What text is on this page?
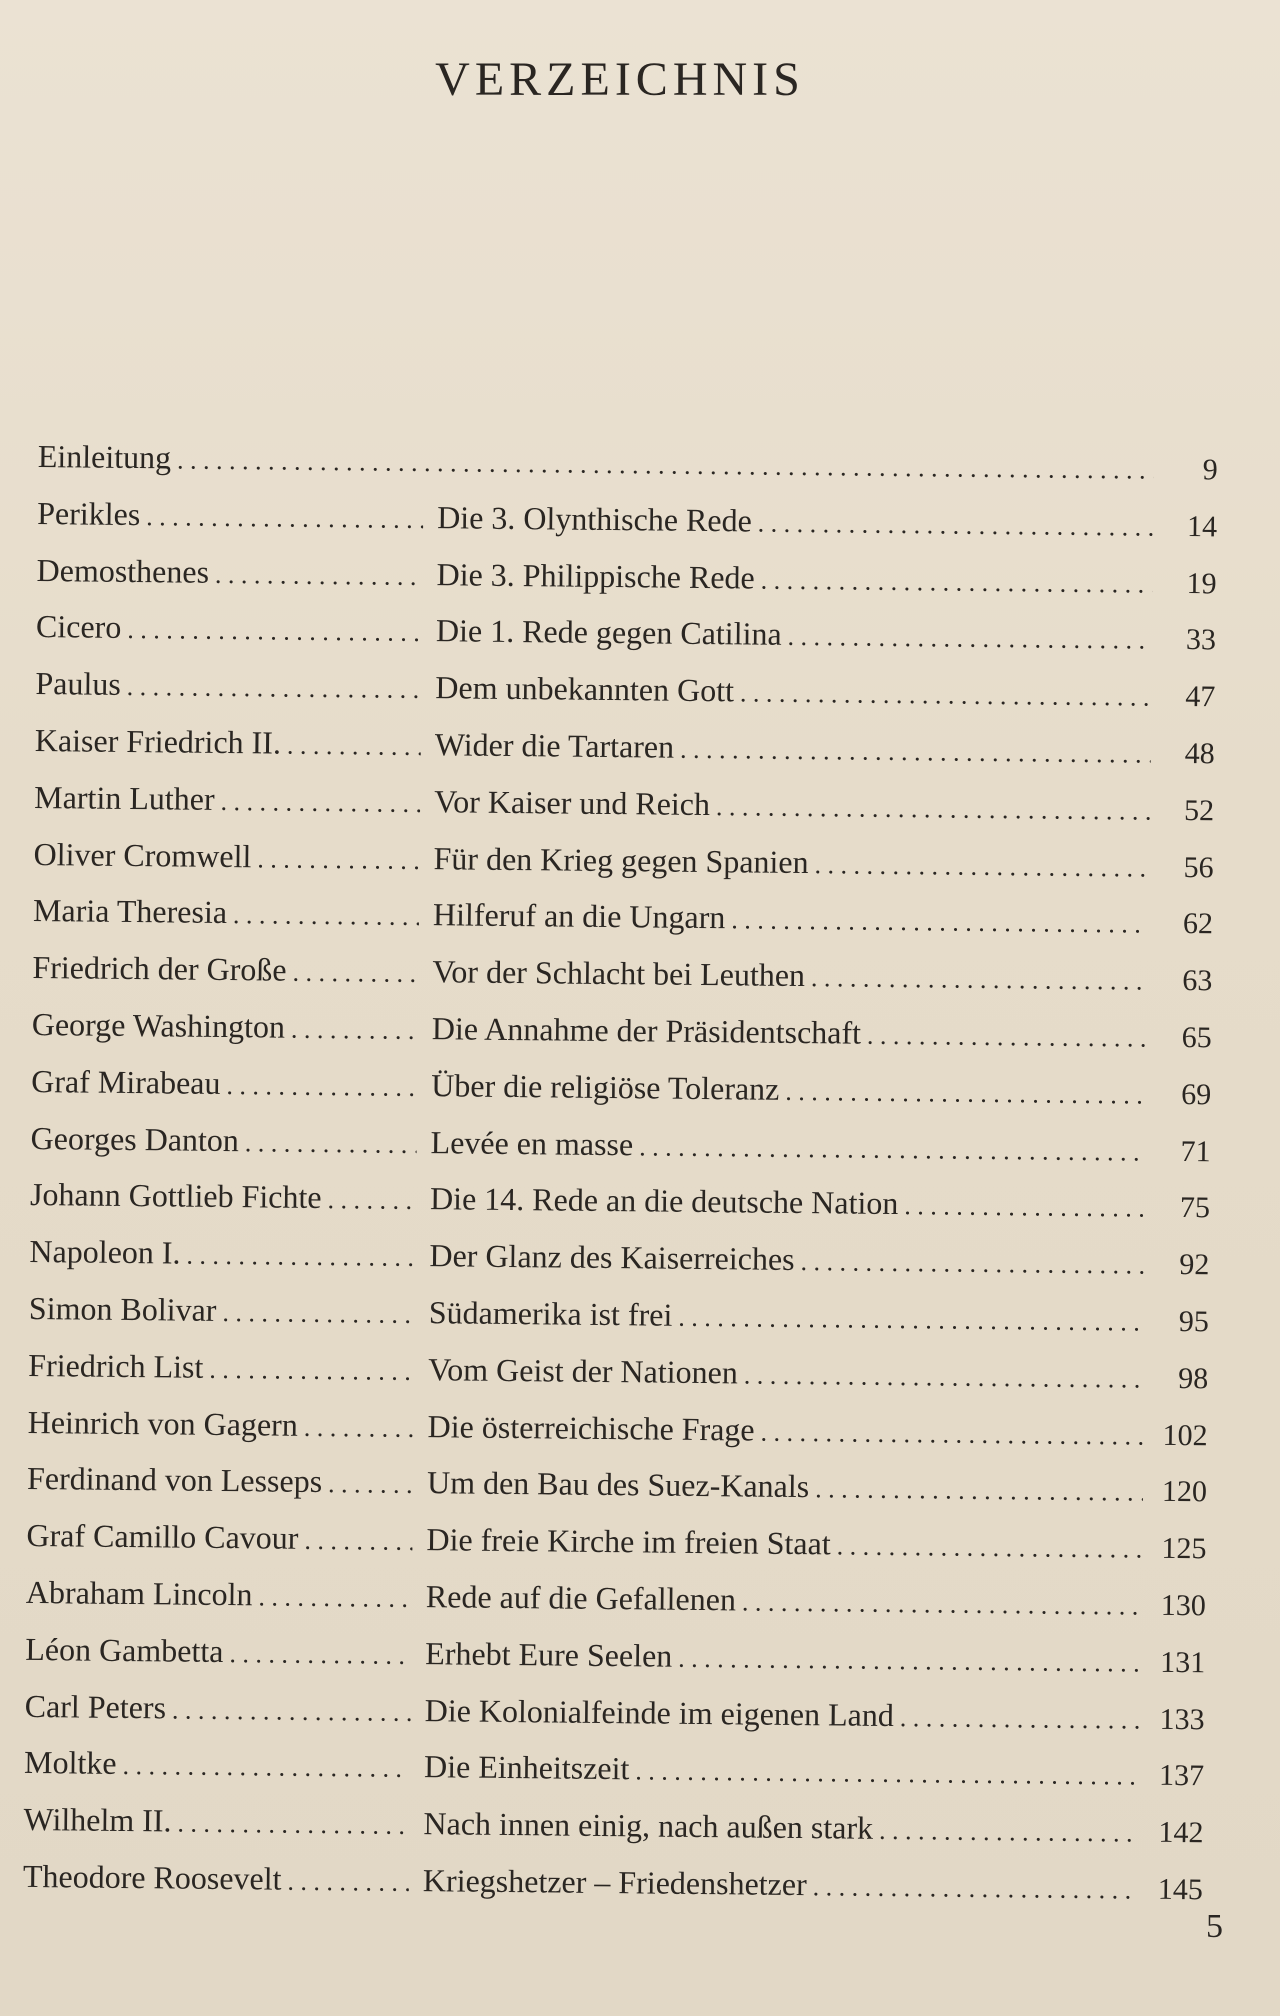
VERZEICHNIS
Einleitung . . .	9
Perikles . . .	Die 3. Olynthische Rede . . .	14
Demosthenes . . .	Die 3. Philippische Rede . . .	19
Cicero . . .	Die 1. Rede gegen Catilina . . .	33
Paulus . . .	Dem unbekannten Gott . . .	47
Kaiser Friedrich II. . . .	Wider die Tartaren . . .	48
Martin Luther . . .	Vor Kaiser und Reich . . .	52
Oliver Cromwell . . .	Für den Krieg gegen Spanien . . .	56
Maria Theresia . . .	Hilferuf an die Ungarn . . .	62
Friedrich der Große . . .	Vor der Schlacht bei Leuthen . . .	63
George Washington . . .	Die Annahme der Präsidentschaft . . .	65
Graf Mirabeau . . .	Über die religiöse Toleranz . . .	69
Georges Danton . . .	Levée en masse . . .	71
Johann Gottlieb Fichte . . .	Die 14. Rede an die deutsche Nation . . .	75
Napoleon I. . . .	Der Glanz des Kaiserreiches . . .	92
Simon Bolivar . . .	Südamerika ist frei . . .	95
Friedrich List . . .	Vom Geist der Nationen . . .	98
Heinrich von Gagern . . .	Die österreichische Frage . . .	102
Ferdinand von Lesseps . . .	Um den Bau des Suez-Kanals . . .	120
Graf Camillo Cavour . . .	Die freie Kirche im freien Staat . . .	125
Abraham Lincoln . . .	Rede auf die Gefallenen . . .	130
Léon Gambetta . . .	Erhebt Eure Seelen . . .	131
Carl Peters . . .	Die Kolonialfeinde im eigenen Land . . .	133
Moltke . . .	Die Einheitszeit . . .	137
Wilhelm II. . . .	Nach innen einig, nach außen stark . . .	142
Theodore Roosevelt . . .	Kriegshetzer – Friedenshetzer . . .	145
5
